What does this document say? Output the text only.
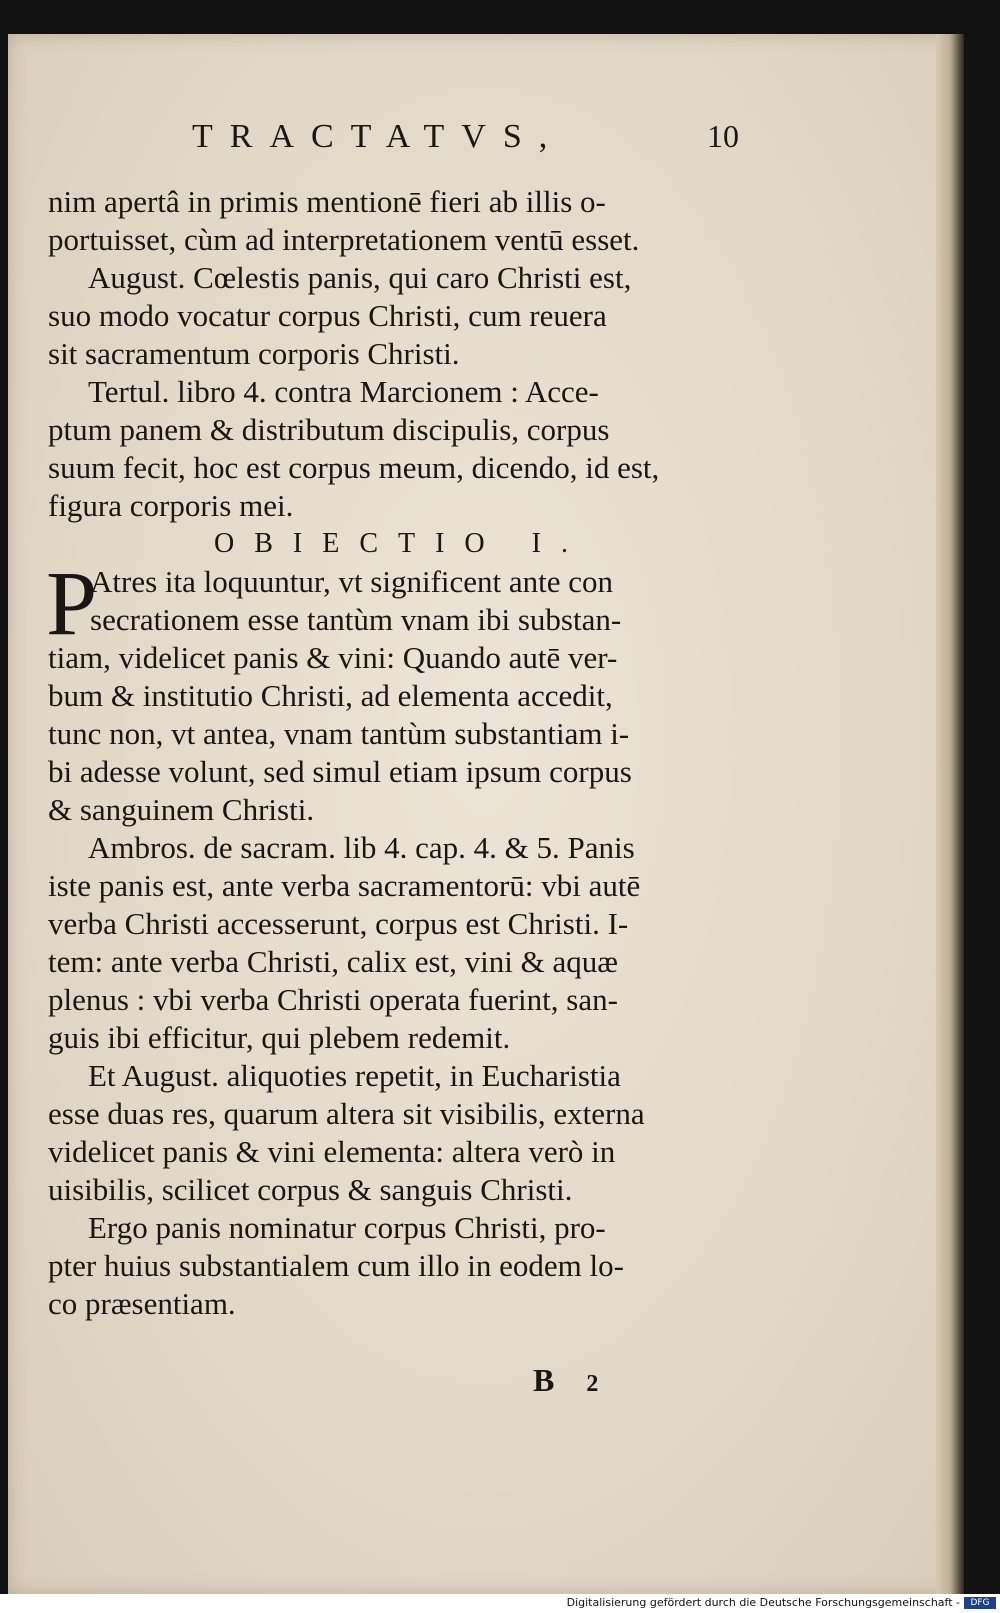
TRACTATVS,	10
nim apertâ in primis mentionē fieri ab illis o-
portuisset, cùm ad interpretationem ventū esset.
August. Cœlestis panis, qui caro Christi est,
suo modo vocatur corpus Christi, cum reuera
sit sacramentum corporis Christi.
Tertul. libro 4. contra Marcionem : Acce-
ptum panem & distributum discipulis, corpus
suum fecit, hoc est corpus meum, dicendo, id est,
figura corporis mei.
OBIECTIO I.
P
Atres ita loquuntur, vt significent ante con
secrationem esse tantùm vnam ibi substan-
tiam, videlicet panis & vini: Quando autē ver-
bum & institutio Christi, ad elementa accedit,
tunc non, vt antea, vnam tantùm substantiam i-
bi adesse volunt, sed simul etiam ipsum corpus
& sanguinem Christi.
Ambros. de sacram. lib 4. cap. 4. & 5. Panis
iste panis est, ante verba sacramentorū: vbi autē
verba Christi accesserunt, corpus est Christi. I-
tem: ante verba Christi, calix est, vini & aquæ
plenus : vbi verba Christi operata fuerint, san-
guis ibi efficitur, qui plebem redemit.
Et August. aliquoties repetit, in Eucharistia
esse duas res, quarum altera sit visibilis, externa
videlicet panis & vini elementa: altera verò in
uisibilis, scilicet corpus & sanguis Christi.
Ergo panis nominatur corpus Christi, pro-
pter huius substantialem cum illo in eodem lo-
co præsentiam.
B 2
Digitalisierung gefördert durch die Deutsche Forschungsgemeinschaft -	DFG
